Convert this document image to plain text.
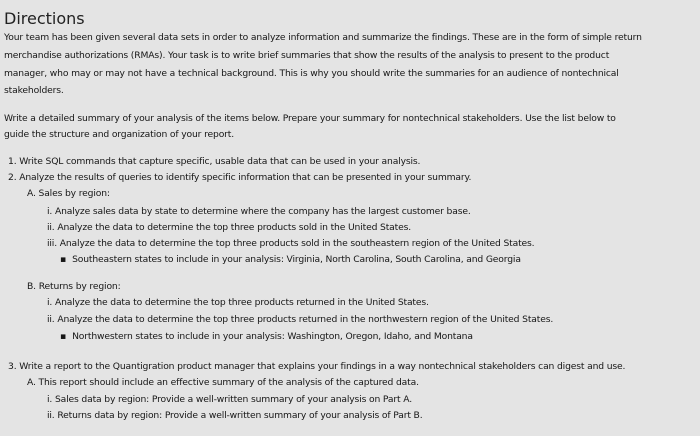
Directions
Your team has been given several data sets in order to analyze information and summarize the findings. These are in the form of simple return
merchandise authorizations (RMAs). Your task is to write brief summaries that show the results of the analysis to present to the product
manager, who may or may not have a technical background. This is why you should write the summaries for an audience of nontechnical
stakeholders.
Write a detailed summary of your analysis of the items below. Prepare your summary for nontechnical stakeholders. Use the list below to
guide the structure and organization of your report.
1. Write SQL commands that capture specific, usable data that can be used in your analysis.
2. Analyze the results of queries to identify specific information that can be presented in your summary.
A. Sales by region:
i. Analyze sales data by state to determine where the company has the largest customer base.
ii. Analyze the data to determine the top three products sold in the United States.
iii. Analyze the data to determine the top three products sold in the southeastern region of the United States.
▪ Southeastern states to include in your analysis: Virginia, North Carolina, South Carolina, and Georgia
B. Returns by region:
i. Analyze the data to determine the top three products returned in the United States.
ii. Analyze the data to determine the top three products returned in the northwestern region of the United States.
▪ Northwestern states to include in your analysis: Washington, Oregon, Idaho, and Montana
3. Write a report to the Quantigration product manager that explains your findings in a way nontechnical stakeholders can digest and use.
A. This report should include an effective summary of the analysis of the captured data.
i. Sales data by region: Provide a well-written summary of your analysis on Part A.
ii. Returns data by region: Provide a well-written summary of your analysis of Part B.
